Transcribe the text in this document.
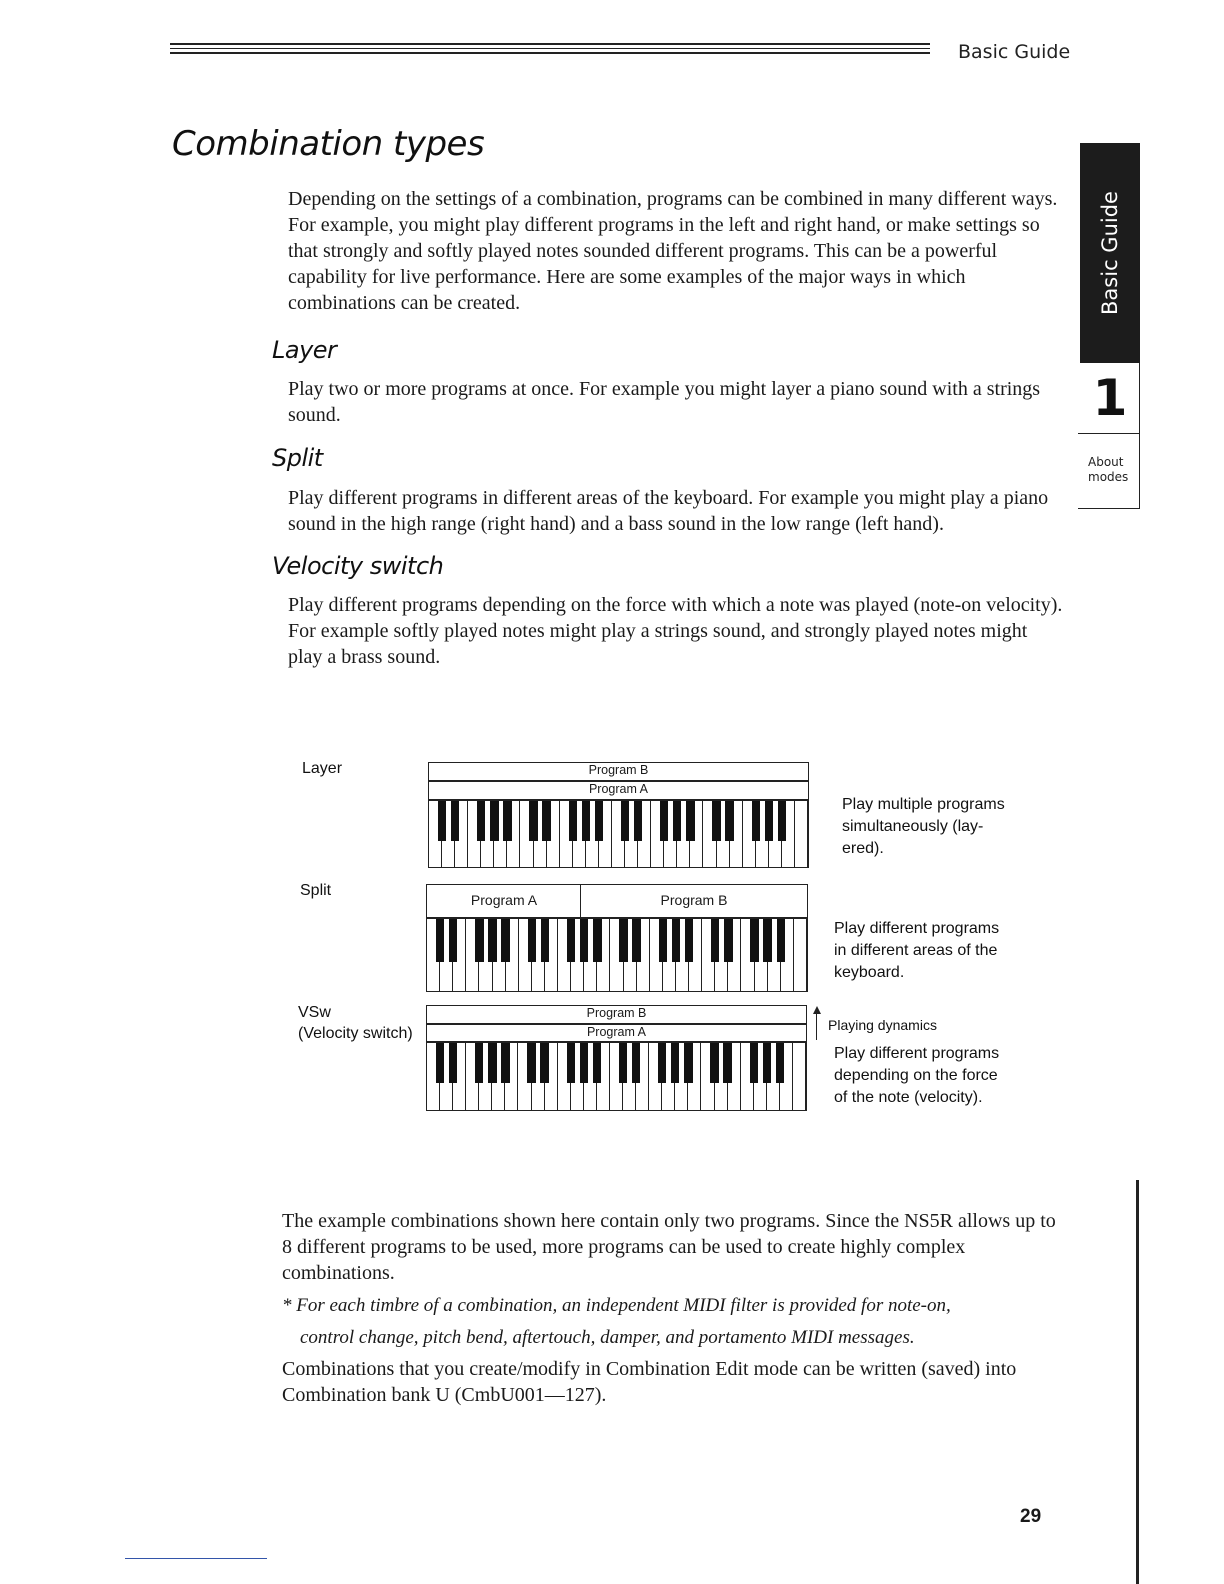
Basic Guide
Combination types
Depending on the settings of a combination, programs can be combined in many different ways. For example, you might play different programs in the left and right hand, or make settings so that strongly and softly played notes sounded different programs. This can be a powerful capability for live performance. Here are some examples of the major ways in which combinations can be created.
Layer
Play two or more programs at once. For example you might layer a piano sound with a strings sound.
Split
Play different programs in different areas of the keyboard. For example you might play a piano sound in the high range (right hand) and a bass sound in the low range (left hand).
Velocity switch
Play different programs depending on the force with which a note was played (note-on velocity). For example softly played notes might play a strings sound, and strongly played notes might play a brass sound.
Basic Guide
1
About
modes
Layer	Program B
Program A
Play multiple programs
simultaneously (lay-
ered).
Split
Program A	Program B
Play different programs
in different areas of the
keyboard.
VSw
(Velocity switch)
Program B
Program A	Playing dynamics
Play different programs
depending on the force
of the note (velocity).
The example combinations shown here contain only two programs. Since the NS5R allows up to 8 different programs to be used, more programs can be used to create highly complex combinations.
* For each timbre of a combination, an independent MIDI filter is provided for note-on,
control change, pitch bend, aftertouch, damper, and portamento MIDI messages.
Combinations that you create/modify in Combination Edit mode can be written (saved) into Combination bank U (CmbU001—127).
29
